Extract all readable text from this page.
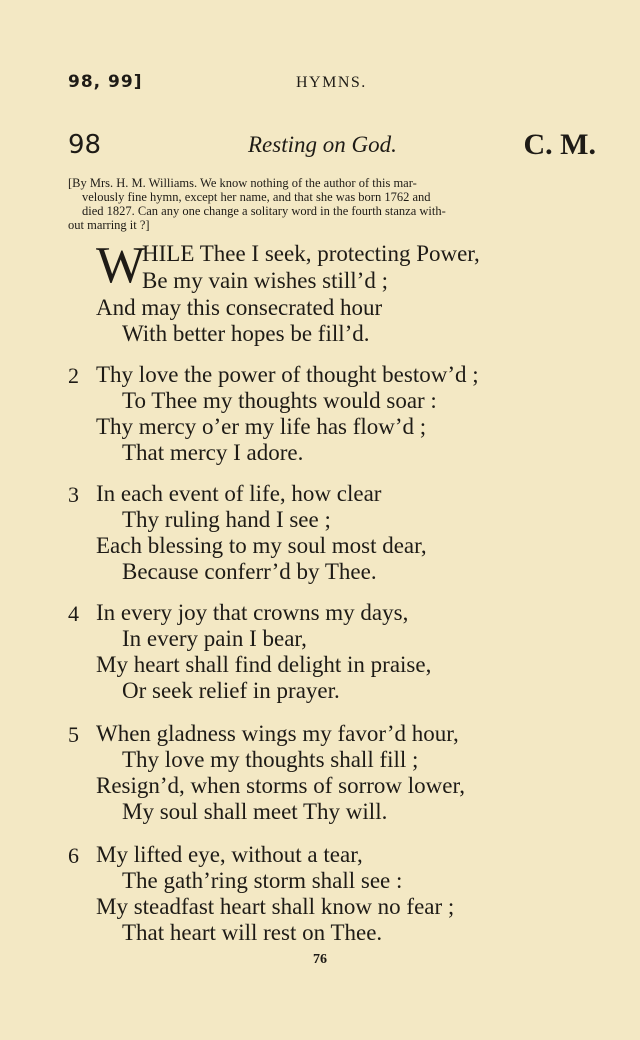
98, 99]	HYMNS.
98	Resting on God.	C. M.
[By Mrs. H. M. Williams. We know nothing of the author of this mar-
velously fine hymn, except her name, and that she was born 1762 and
died 1827. Can any one change a solitary word in the fourth stanza with-
out marring it ?]
W
HILE Thee I seek, protecting Power,
Be my vain wishes still’d ;
And may this consecrated hour
With better hopes be fill’d.
2 Thy love the power of thought bestow’d ;
To Thee my thoughts would soar :
Thy mercy o’er my life has flow’d ;
That mercy I adore.
3 In each event of life, how clear
Thy ruling hand I see ;
Each blessing to my soul most dear,
Because conferr’d by Thee.
4 In every joy that crowns my days,
In every pain I bear,
My heart shall find delight in praise,
Or seek relief in prayer.
5 When gladness wings my favor’d hour,
Thy love my thoughts shall fill ;
Resign’d, when storms of sorrow lower,
My soul shall meet Thy will.
6 My lifted eye, without a tear,
The gath’ring storm shall see :
My steadfast heart shall know no fear ;
That heart will rest on Thee.
76
